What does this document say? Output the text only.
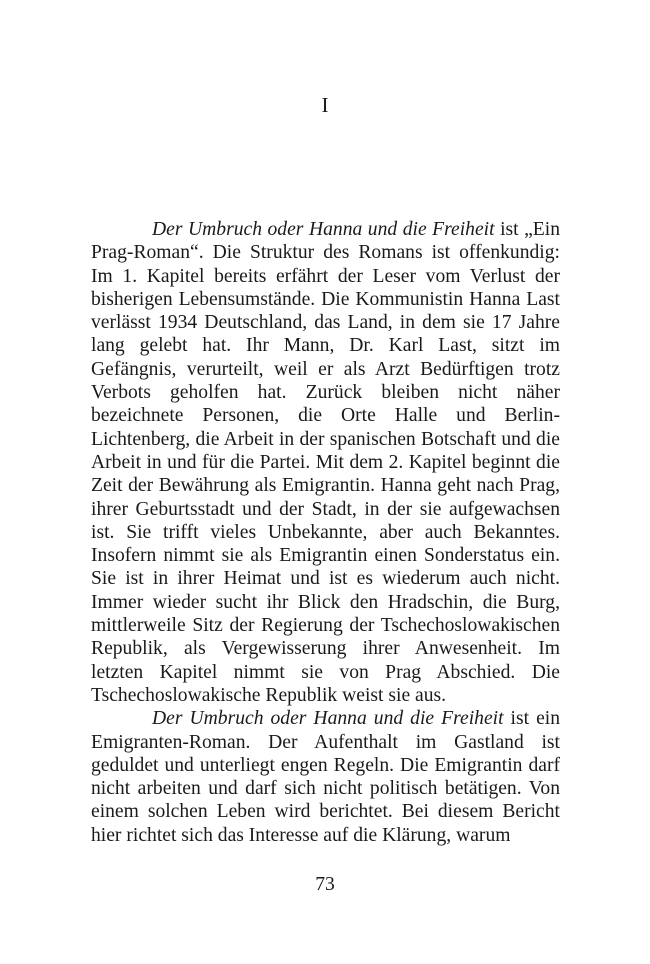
I

Der Umbruch oder Hanna und die Freiheit ist „Ein Prag-Roman“. Die Struktur des Romans ist offenkundig: Im 1. Kapitel bereits erfährt der Leser vom Verlust der bisherigen Lebensumstände. Die Kommunistin Hanna Last verlässt 1934 Deutschland, das Land, in dem sie 17 Jahre lang gelebt hat. Ihr Mann, Dr. Karl Last, sitzt im Gefängnis, verurteilt, weil er als Arzt Bedürftigen trotz Verbots geholfen hat. Zurück bleiben nicht näher bezeichnete Personen, die Orte Halle und Berlin-Lichtenberg, die Arbeit in der spanischen Botschaft und die Arbeit in und für die Partei. Mit dem 2. Kapitel beginnt die Zeit der Bewährung als Emigrantin. Hanna geht nach Prag, ihrer Geburtsstadt und der Stadt, in der sie aufgewachsen ist. Sie trifft vieles Unbekannte, aber auch Bekanntes. Insofern nimmt sie als Emigrantin einen Sonderstatus ein. Sie ist in ihrer Heimat und ist es wiederum auch nicht. Immer wieder sucht ihr Blick den Hradschin, die Burg, mittlerweile Sitz der Regierung der Tschechoslowakischen Republik, als Vergewisserung ihrer Anwesenheit. Im letzten Kapitel nimmt sie von Prag Abschied. Die Tschechoslowakische Republik weist sie aus.

Der Umbruch oder Hanna und die Freiheit ist ein Emigranten-Roman. Der Aufenthalt im Gastland ist geduldet und unterliegt engen Regeln. Die Emigrantin darf nicht arbeiten und darf sich nicht politisch betätigen. Von einem solchen Leben wird berichtet. Bei diesem Bericht hier richtet sich das Interesse auf die Klärung, warum

73
